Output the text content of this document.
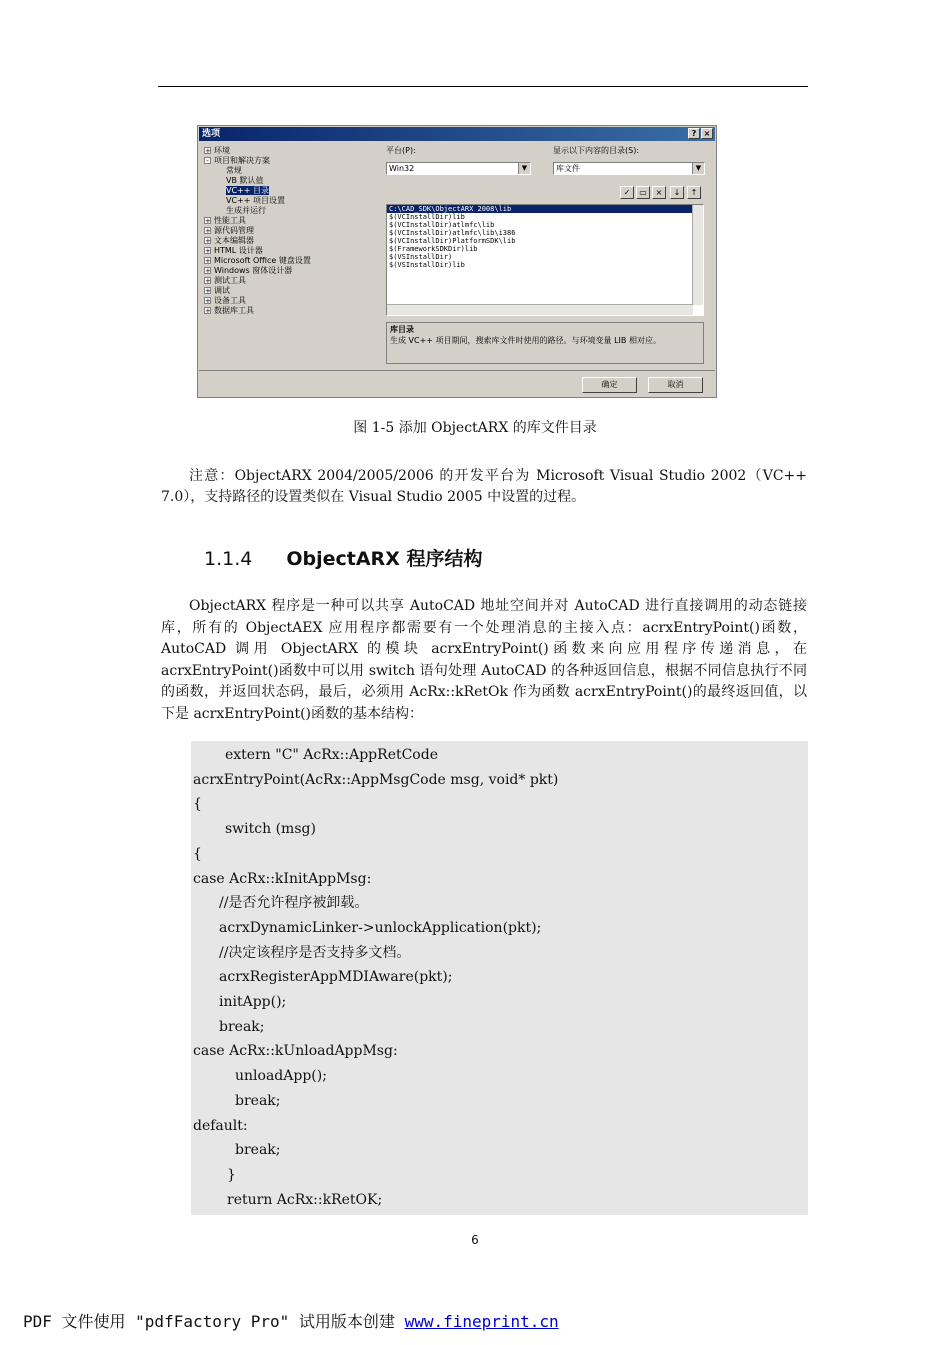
选项	? ×
+ 环境
- 项目和解决方案
常规
VB 默认值
VC++ 目录
VC++ 项目设置
生成并运行
+ 性能工具
+ 源代码管理
+ 文本编辑器
+ HTML 设计器
+ Microsoft Office 键盘设置
+ Windows 窗体设计器
+ 测试工具
+ 调试
+ 设备工具
+ 数据库工具
平台(P):
Win32	▼
显示以下内容的目录(S):
库文件	▼
✓	▭	×	↓	↑
C:\CAD_SDK\ObjectARX 2008\lib
$(VCInstallDir)lib
$(VCInstallDir)atlmfc\lib
$(VCInstallDir)atlmfc\lib\i386
$(VCInstallDir)PlatformSDK\lib
$(FrameworkSDKDir)lib
$(VSInstallDir)
$(VSInstallDir)lib
库目录
生成 VC++ 项目期间，搜索库文件时使用的路径。与环境变量 LIB 相对应。
确定	取消
图 1-5 添加 ObjectARX 的库文件目录
注意：ObjectARX 2004/2005/2006 的开发平台为 Microsoft Visual Studio 2002（VC++ 7.0），支持路径的设置类似在 Visual Studio 2005 中设置的过程。
1.1.4 ObjectARX 程序结构
ObjectARX 程序是一种可以共享 AutoCAD 地址空间并对 AutoCAD 进行直接调用的动态链接库，所有的 ObjectAEX 应用程序都需要有一个处理消息的主接入点：acrxEntryPoint()函数，AutoCAD 调用 ObjectARX 的模块 acrxEntryPoint()函数来向应用程序传递消息，在 acrxEntryPoint()函数中可以用 switch 语句处理 AutoCAD 的各种返回信息，根据不同信息执行不同的函数，并返回状态码，最后，必须用 AcRx::kRetOk 作为函数 acrxEntryPoint()的最终返回值，以下是 acrxEntryPoint()函数的基本结构：
extern "C" AcRx::AppRetCode
acrxEntryPoint(AcRx::AppMsgCode msg, void* pkt)
{
switch (msg)
{
case AcRx::kInitAppMsg:
//是否允许程序被卸载。
acrxDynamicLinker->unlockApplication(pkt);
//决定该程序是否支持多文档。
acrxRegisterAppMDIAware(pkt);
initApp();
break;
case AcRx::kUnloadAppMsg:
unloadApp();
break;
default:
break;
}
return AcRx::kRetOK;
6
PDF 文件使用 "pdfFactory Pro" 试用版本创建 www.fineprint.cn
